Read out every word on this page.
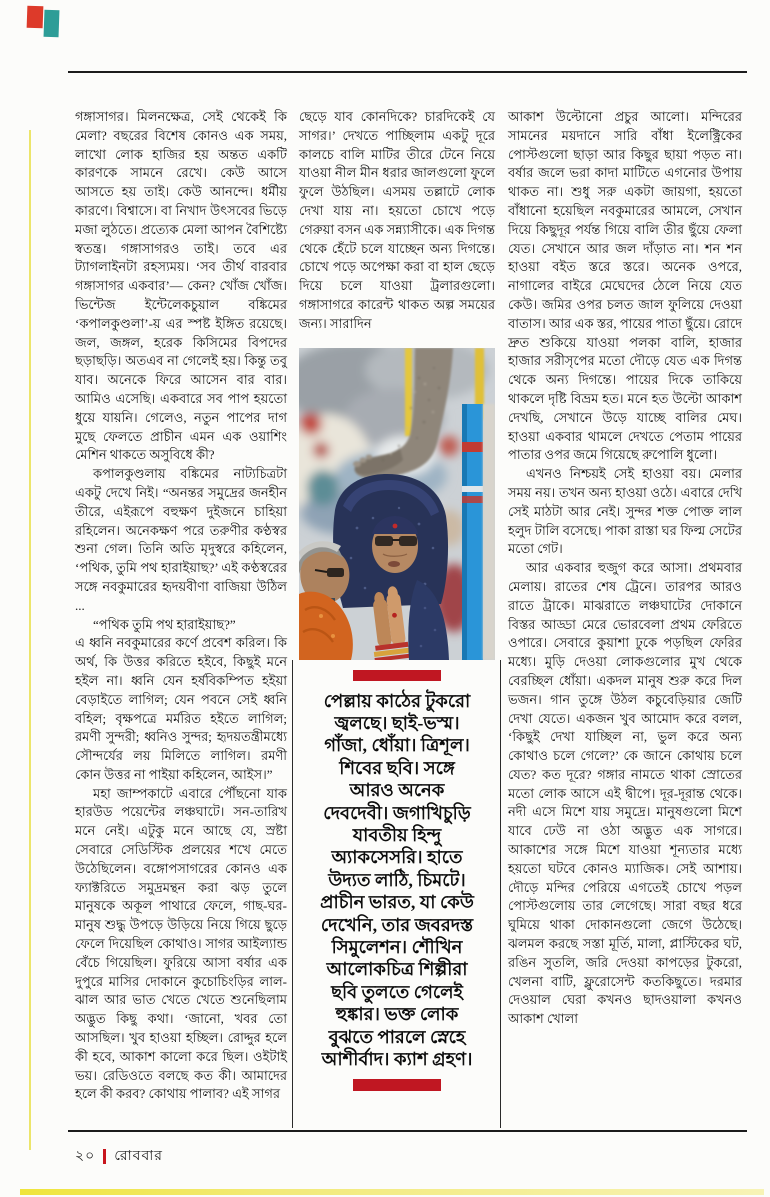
গঙ্গাসাগর। মিলনক্ষেত্র, সেই থেকেই কি মেলা? বছরের বিশেষ কোনও এক সময়, লাখো লোক হাজির হয় অন্তত একটি কারণকে সামনে রেখে। কেউ আসে আসতে হয় তাই। কেউ আনন্দে। ধর্মীয় কারণে। বিশ্বাসে। বা নিখাদ উৎসবের ভিড়ে মজা লুঠতে। প্রত্যেক মেলা আপন বৈশিষ্ট্যে স্বতন্ত্র। গঙ্গাসাগরও তাই। তবে এর ট্যাগলাইনটা রহস্যময়। ‘সব তীর্থ বারবার গঙ্গাসাগর একবার’— কেন? খোঁজ খোঁজ। ভিন্টেজ ইন্টেলেকচুয়াল বঙ্কিমের ‘কপালকুণ্ডলা’-য় এর স্পষ্ট ইঙ্গিত রয়েছে। জল, জঙ্গল, হরেক কিসিমের বিপদের ছড়াছড়ি। অতএব না গেলেই হয়। কিন্তু তবু যাব। অনেকে ফিরে আসেন বার বার। আমিও এসেছি। একবারে সব পাপ হয়তো ধুয়ে যায়নি। গেলেও, নতুন পাপের দাগ মুছে ফেলতে প্রাচীন এমন এক ওয়াশিং মেশিন থাকতে অসুবিধে কী?

কপালকুণ্ডলায় বঙ্কিমের নাট্যচিত্রটা একটু দেখে নিই। “অনন্তর সমুদ্রের জনহীন তীরে, এইরূপে বহুক্ষণ দুইজনে চাহিয়া রহিলেন। অনেকক্ষণ পরে তরুণীর কণ্ঠস্বর শুনা গেল। তিনি অতি মৃদুস্বরে কহিলেন, ‘পথিক, তুমি পথ হারাইয়াছ?’ এই কণ্ঠস্বরের সঙ্গে নবকুমারের হৃদয়বীণা বাজিয়া উঠিল ...

“পথিক তুমি পথ হারাইয়াছ?”

এ ধ্বনি নবকুমারের কর্ণে প্রবেশ করিল। কি অর্থ, কি উত্তর করিতে হইবে, কিছুই মনে হইল না। ধ্বনি যেন হর্ষবিকম্পিত হইয়া বেড়াইতে লাগিল; যেন পবনে সেই ধ্বনি বহিল; বৃক্ষপত্রে মর্মরিত হইতে লাগিল; রমণী সুন্দরী; ধ্বনিও সুন্দর; হৃদয়তন্ত্রীমধ্যে সৌন্দর্যের লয় মিলিতে লাগিল। রমণী কোন উত্তর না পাইয়া কহিলেন, আইস।”

মহা জাম্পকাটে এবারে পৌঁছনো যাক হারউড পয়েন্টের লঞ্চঘাটে। সন-তারিখ মনে নেই। এটুকু মনে আছে যে, স্রষ্টা সেবারে সেডিস্টিক প্রলয়ের শখে মেতে উঠেছিলেন। বঙ্গোপসাগরের কোনও এক ফ্যাক্টরিতে সমুদ্রমন্থন করা ঝড় তুলে মানুষকে অকূল পাথারে ফেলে, গাছ-ঘর-মানুষ শুদ্ধু উপড়ে উড়িয়ে নিয়ে গিয়ে ছুড়ে ফেলে দিয়েছিল কোথাও। সাগর আইল্যান্ড বেঁচে গিয়েছিল। ফুরিয়ে আসা বর্ষার এক দুপুরে মাসির দোকানে কুচোচিংড়ির লাল-ঝাল আর ভাত খেতে খেতে শুনেছিলাম অদ্ভুত কিছু কথা। ‘জানো, খবর তো আসছিল। খুব হাওয়া হচ্ছিল। রোদ্দুর হলে কী হবে, আকাশ কালো করে ছিল। ওইটাই ভয়। রেডিওতে বলছে কত কী। আমাদের হলে কী করব? কোথায় পালাব? এই সাগর

ছেড়ে যাব কোনদিকে? চারদিকেই যে সাগর।’ দেখতে পাচ্ছিলাম একটু দূরে কালচে বালি মাটির তীরে টেনে নিয়ে যাওয়া নীল মীন ধরার জালগুলো ফুলে ফুলে উঠছিল। এসময় তল্লাটে লোক দেখা যায় না। হয়তো চোখে পড়ে গেরুয়া বসন এক সন্ন্যাসীকে। এক দিগন্ত থেকে হেঁটে চলে যাচ্ছেন অন্য দিগন্তে। চোখে পড়ে অপেক্ষা করা বা হাল ছেড়ে দিয়ে চলে যাওয়া ট্রলারগুলো। গঙ্গাসাগরে কারেন্ট থাকত অল্প সময়ের জন্য। সারাদিন

পেল্লায় কাঠের টুকরো
জ্বলছে। ছাই-ভস্ম।
গাঁজা, ধোঁয়া। ত্রিশূল।
শিবের ছবি। সঙ্গে
আরও অনেক
দেবদেবী। জগাখিচুড়ি
যাবতীয় হিন্দু
অ্যাকসেসরি। হাতে
উদ্যত লাঠি, চিমটে।
প্রাচীন ভারত, যা কেউ
দেখেনি, তার জবরদস্ত
সিমুলেশন। শৌখিন
আলোকচিত্র শিল্পীরা
ছবি তুলতে গেলেই
হুঙ্কার। ভক্ত লোক
বুঝতে পারলে স্নেহে
আশীর্বাদ। ক্যাশ গ্রহণ।

আকাশ উল্টোনো প্রচুর আলো। মন্দিরের সামনের ময়দানে সারি বাঁধা ইলেক্ট্রিকের পোস্টগুলো ছাড়া আর কিছুর ছায়া পড়ত না। বর্ষার জলে ভরা কাদা মাটিতে এগনোর উপায় থাকত না। শুধু সরু একটা জায়গা, হয়তো বাঁধানো হয়েছিল নবকুমারের আমলে, সেখান দিয়ে কিছুদূর পর্যন্ত গিয়ে বালি তীর ছুঁয়ে ফেলা যেত। সেখানে আর জল দাঁড়াত না। শন শন হাওয়া বইত স্তরে স্তরে। অনেক ওপরে, নাগালের বাইরে মেঘেদের ঠেলে নিয়ে যেত কেউ। জমির ওপর চলত জাল ফুলিয়ে দেওয়া বাতাস। আর এক স্তর, পায়ের পাতা ছুঁয়ে। রোদে দ্রুত শুকিয়ে যাওয়া পলকা বালি, হাজার হাজার সরীসৃপের মতো দৌড়ে যেত এক দিগন্ত থেকে অন্য দিগন্তে। পায়ের দিকে তাকিয়ে থাকলে দৃষ্টি বিভ্রম হত। মনে হত উল্টো আকাশ দেখছি, সেখানে উড়ে যাচ্ছে বালির মেঘ। হাওয়া একবার থামলে দেখতে পেতাম পায়ের পাতার ওপর জমে গিয়েছে রুপোলি ধুলো।

এখনও নিশ্চয়ই সেই হাওয়া বয়। মেলার সময় নয়। তখন অন্য হাওয়া ওঠে। এবারে দেখি সেই মাঠটা আর নেই। সুন্দর শক্ত পোক্ত লাল হলুদ টালি বসেছে। পাকা রাস্তা ঘর ফিল্ম সেটের মতো গেট।

আর একবার হুজুগ করে আসা। প্রথমবার মেলায়। রাতের শেষ ট্রেনে। তারপর আরও রাতে ট্রাকে। মাঝরাতে লঞ্চঘাটের দোকানে বিস্তর আড্ডা মেরে ভোরবেলা প্রথম ফেরিতে ওপারে। সেবারে কুয়াশা ঢুকে পড়ছিল ফেরির মধ্যে। মুড়ি দেওয়া লোকগুলোর মুখ থেকে বেরচ্ছিল ধোঁয়া। একদল মানুষ শুরু করে দিল ভজন। গান তুঙ্গে উঠল কচুবেড়িয়ার জেটি দেখা যেতে। একজন খুব আমোদ করে বলল, ‘কিছুই দেখা যাচ্ছিল না, ভুল করে অন্য কোথাও চলে গেলে?’ কে জানে কোথায় চলে যেত? কত দূরে? গঙ্গার নামতে থাকা স্রোতের মতো লোক আসে এই দ্বীপে। দূর-দূরান্ত থেকে। নদী এসে মিশে যায় সমুদ্রে। মানুষগুলো মিশে যাবে ঢেউ না ওঠা অদ্ভুত এক সাগরে। আকাশের সঙ্গে মিশে যাওয়া শূন্যতার মধ্যে হয়তো ঘটবে কোনও ম্যাজিক। সেই আশায়। দৌড়ে মন্দির পেরিয়ে এগতেই চোখে পড়ল পোস্টগুলোয় তার লেগেছে। সারা বছর ধরে ঘুমিয়ে থাকা দোকানগুলো জেগে উঠেছে। ঝলমল করছে সস্তা মূর্তি, মালা, প্লাস্টিকের ঘট, রঙিন সুতলি, জরি দেওয়া কাপড়ের টুকরো, খেলনা বাটি, ফ্লুরোসেন্ট কতকিছুতে। দরমার দেওয়াল ঘেরা কখনও ছাদওয়ালা কখনও আকাশ খোলা

২০ রোববার
